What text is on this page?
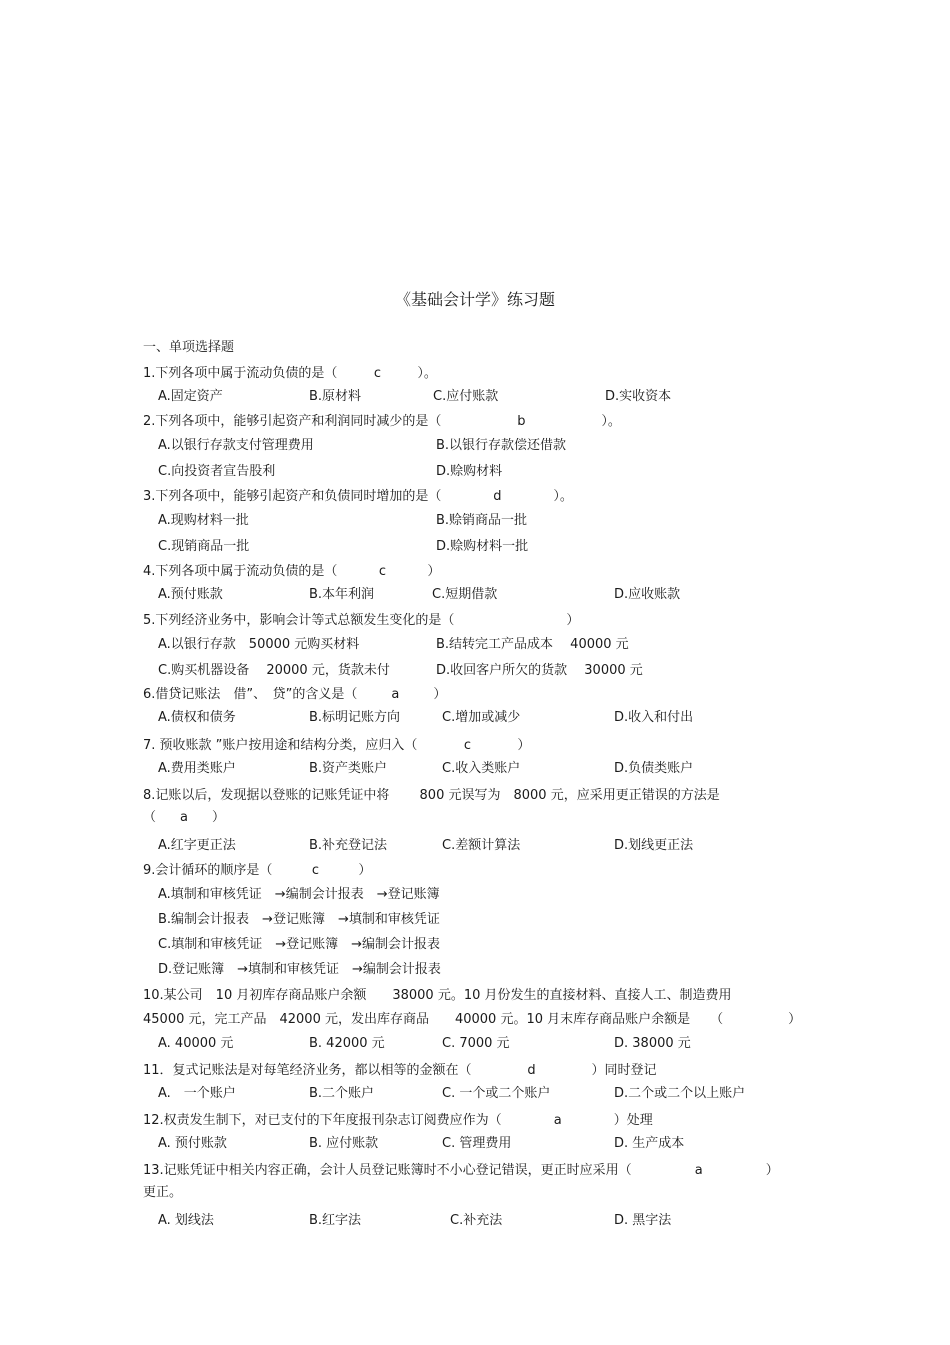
《基础会计学》练习题
一、单项选择题
1.下列各项中属于流动负债的是（	c	）。
A.固定资产	B.原材料	C.应付账款	D.实收资本
2.下列各项中，能够引起资产和利润同时减少的是（	b	）。
A.以银行存款支付管理费用	B.以银行存款偿还借款
C.向投资者宣告股利	D.赊购材料
3.下列各项中，能够引起资产和负债同时增加的是（	d	）。
A.现购材料一批	B.赊销商品一批
C.现销商品一批	D.赊购材料一批
4.下列各项中属于流动负债的是（	c	）
A.预付账款	B.本年利润	C.短期借款	D.应收账款
5.下列经济业务中，影响会计等式总额发生变化的是（	）
A.以银行存款　50000 元购买材料	B.结转完工产品成本　 40000 元
C.购买机器设备　 20000 元，货款未付	D.收回客户所欠的货款　 30000 元
6.借贷记账法　借”、　贷”的含义是（	a	）
A.债权和债务	B.标明记账方向	C.增加或减少	D.收入和付出
7. 预收账款 ”账户按用途和结构分类，应归入（	c	）
A.费用类账户	B.资产类账户	C.收入类账户	D.负债类账户
8.记账以后，发现据以登账的记账凭证中将　　 800 元误写为　8000 元，应采用更正错误的方法是
（ a ）
A.红字更正法	B.补充登记法	C.差额计算法	D.划线更正法
9.会计循环的顺序是（	c	）
A.填制和审核凭证　→编制会计报表　→登记账簿
B.编制会计报表　→登记账簿　→填制和审核凭证
C.填制和审核凭证　→登记账簿　→编制会计报表
D.登记账簿　→填制和审核凭证　→编制会计报表
10.某公司　10 月初库存商品账户余额　　38000 元。10 月份发生的直接材料、直接人工、制造费用
45000 元，完工产品　42000 元，发出库存商品　　40000 元。10 月末库存商品账户余额是 （　　　　　）
A. 40000 元	B. 42000 元	C. 7000 元	D. 38000 元
11．复式记账法是对每笔经济业务，都以相等的金额在（	d	）同时登记
A.　一个账户	B.二个账户	C. 一个或二个账户	D.二个或二个以上账户
12.权责发生制下，对已支付的下年度报刊杂志订阅费应作为（	a	）处理
A. 预付账款	B. 应付账款	C. 管理费用	D. 生产成本
13.记账凭证中相关内容正确，会计人员登记账簿时不小心登记错误，更正时应采用（	a	）
更正。
A. 划线法	B.红字法	C.补充法	D. 黑字法
